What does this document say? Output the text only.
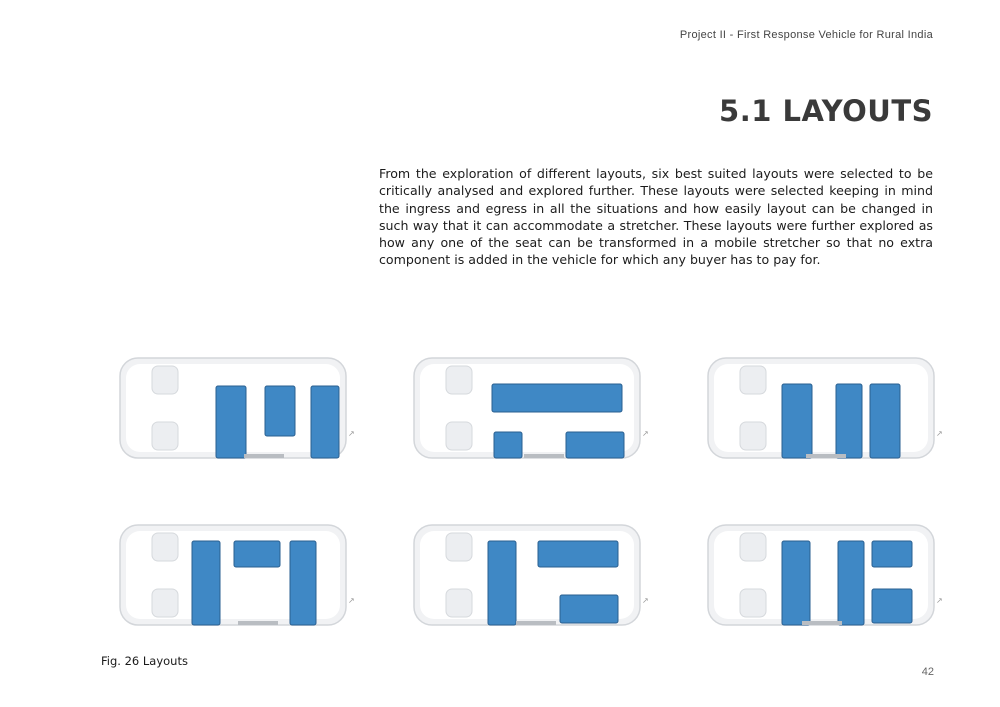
Project II - First Response Vehicle for Rural India
5.1 LAYOUTS

From the exploration of different layouts, six best suited layouts were selected to be critically analysed and explored further. These layouts were selected keeping in mind the ingress and egress in all the situations and how easily layout can be changed in such way that it can accommodate a stretcher. These layouts were further explored as how any one of the seat can be transformed in a mobile stretcher so that no extra component is added in the vehicle for which any buyer has to pay for.

↗	↗	↗
↗	↗	↗
Fig. 26 Layouts
42
